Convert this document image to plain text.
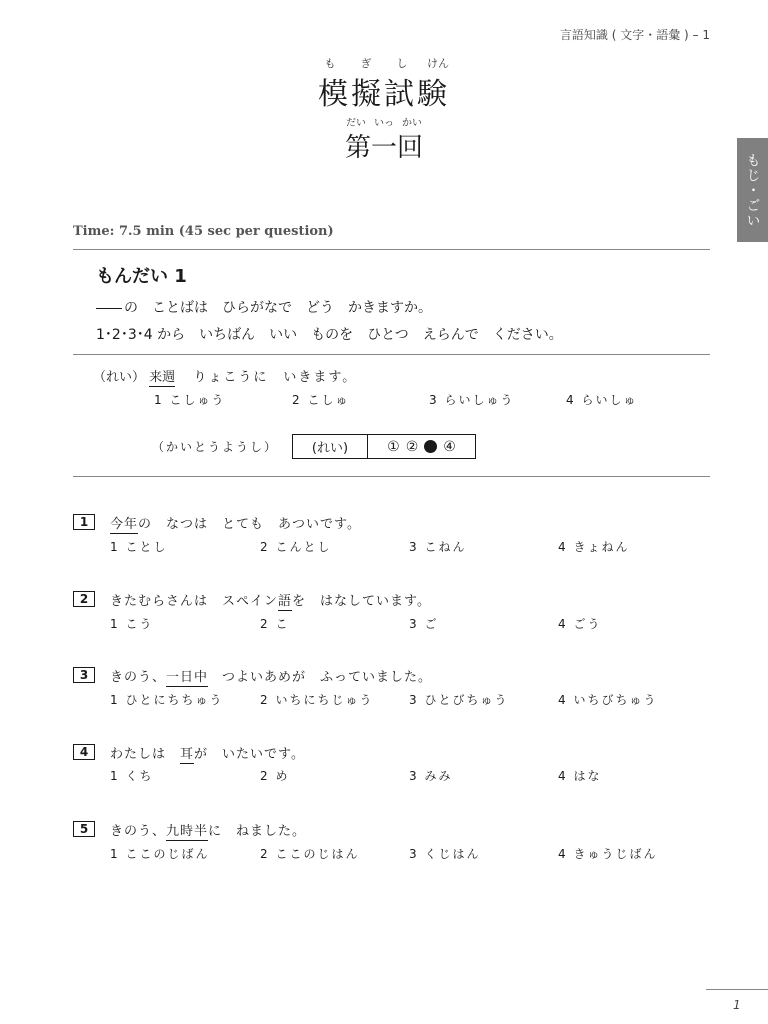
言語知識 ( 文字・語彙 ) – 1
もじ・ごい
も	ぎ	し	けん
模擬試験
だい いっ かい
第一回
Time: 7.5 min (45 sec per question)
もんだい 1
の　ことばは　ひらがなで　どう　かきますか。
1･2･3･4 から　いちばん　いい　ものを　ひとつ　えらんで　ください。
（れい） 来週 りょこうに　いきます。
1 こしゅう	2 こしゅ	3 らいしゅう	4 らいしゅ
（かいとうようし）	(れい)	① ② ④
1	今年の　なつは　とても　あついです。
1 ことし	2 こんとし	3 こねん	4 きょねん
2	きたむらさんは　スペイン語を　はなしています。
1 こう	2 こ	3 ご	4 ごう
3	きのう、一日中　つよいあめが　ふっていました。
1 ひとにちちゅう	2 いちにちじゅう	3 ひとびちゅう	4 いちびちゅう
4	わたしは　耳が　いたいです。
1 くち	2 め	3 みみ	4 はな
5	きのう、九時半に　ねました。
1 ここのじばん	2 ここのじはん	3 くじはん	4 きゅうじばん
1
